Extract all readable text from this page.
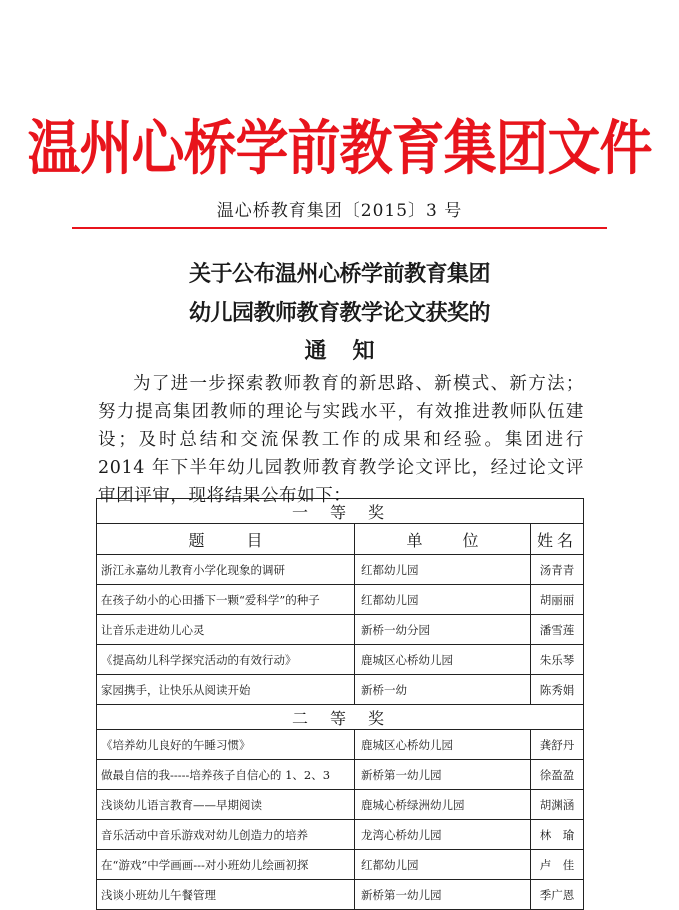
温州心桥学前教育集团文件
温心桥教育集团〔2015〕3 号
关于公布温州心桥学前教育集团
幼儿园教师教育教学论文获奖的
通知

为了进一步探索教师教育的新思路、新模式、新方法；努力提高集团教师的理论与实践水平，有效推进教师队伍建设；及时总结和交流保教工作的成果和经验。集团进行 2014 年下半年幼儿园教师教育教学论文评比，经过论文评审团评审，现将结果公布如下：

一等奖		
题目	单位	姓名
浙江永嘉幼儿教育小学化现象的调研	红都幼儿园	汤青青
在孩子幼小的心田播下一颗“爱科学”的种子	红都幼儿园	胡丽丽
让音乐走进幼儿心灵	新桥一幼分园	潘雪莲
《提高幼儿科学探究活动的有效行动》	鹿城区心桥幼儿园	朱乐琴
家园携手，让快乐从阅读开始	新桥一幼	陈秀娟
二等奖		
《培养幼儿良好的午睡习惯》	鹿城区心桥幼儿园	龚舒丹
做最自信的我-----培养孩子自信心的 1、2、3	新桥第一幼儿园	徐盈盈
浅谈幼儿语言教育——早期阅读	鹿城心桥绿洲幼儿园	胡渊涵
音乐活动中音乐游戏对幼儿创造力的培养	龙湾心桥幼儿园	林　瑜
在“游戏”中学画画---对小班幼儿绘画初探	红都幼儿园	卢　佳
浅谈小班幼儿午餐管理	新桥第一幼儿园	季广恩
